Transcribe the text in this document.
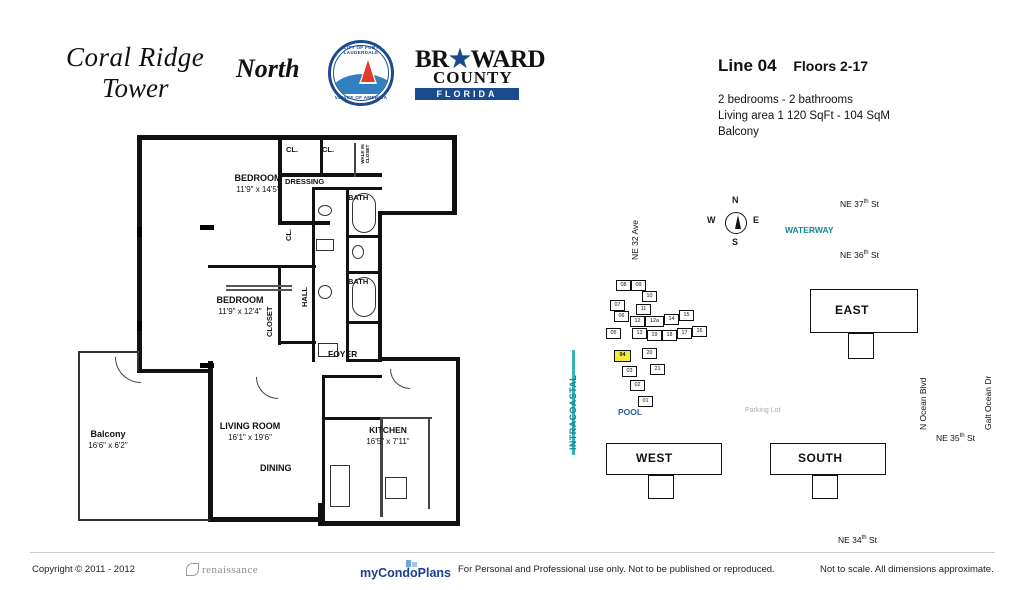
Coral Ridge
Tower
North
CITY OF FORT LAUDERDALE
VENICE OF AMERICA
BR★WARD
COUNTY
FLORIDA
Line 04 Floors 2-17
2 bedrooms - 2 bathrooms
Living area 1 120 SqFt - 104 SqM
Balcony
BEDROOM
11'9" x 14'5"
BEDROOM
11'9" x 12'4"
LIVING ROOM
16'1" x 19'6"
KITCHEN
16'5" x 7'11"
Balcony
16'6" x 6'2"
CL.	CL.
DRESSING
WALK IN CLOSET
BATH
BATH
CL.
HALL
CLOSET
FOYER
DINING
N
S
E
W
NE 37th St
NE 36th St
NE 35th St
NE 34th St
NE 32 Ave
N Ocean Blvd	Galt Ocean Dr
WATERWAY
INTRACOASTAL	POOL	Parking Lot
EAST
WEST	SOUTH
08	09
10
07
06
11
12	12a	14
15
05	13	19	18	17	16
04	20
03	21
02
01
Copyright © 2011 - 2012	renaissance	myCondoPlans For Personal and Professional use only. Not to be published or reproduced.	Not to scale. All dimensions approximate.
